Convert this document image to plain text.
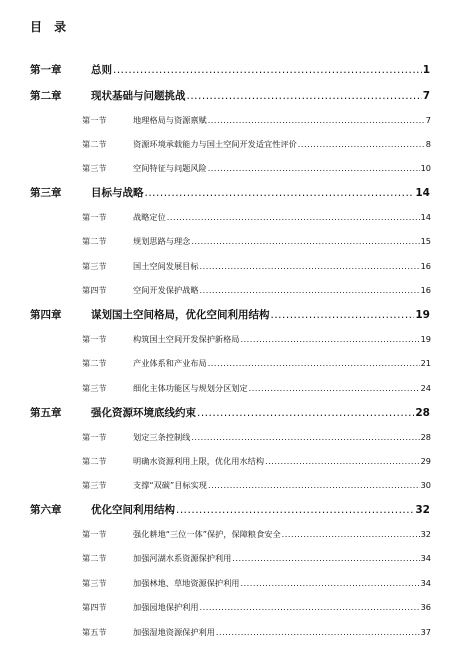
目 录
第一章	总则 .....	1
第二章	现状基础与问题挑战 .....	7
第一节	地理格局与资源禀赋 .....	7
第二节	资源环境承载能力与国土空间开发适宜性评价 .....	8
第三节	空间特征与问题风险 .....	10
第三章	目标与战略 .....	14
第一节	战略定位 .....	14
第二节	规划思路与理念 .....	15
第三节	国土空间发展目标 .....	16
第四节	空间开发保护战略 .....	16
第四章	谋划国土空间格局，优化空间利用结构 .....	19
第一节	构筑国土空间开发保护新格局 .....	19
第二节	产业体系和产业布局 .....	21
第三节	细化主体功能区与规划分区划定 .....	24
第五章	强化资源环境底线约束 .....	28
第一节	划定三条控制线 .....	28
第二节	明确水资源利用上限，优化用水结构 .....	29
第三节	支撑“双碳”目标实现 .....	30
第六章	优化空间利用结构 .....	32
第一节	强化耕地“三位一体”保护，保障粮食安全 .....	32
第二节	加强河湖水系资源保护利用 .....	34
第三节	加强林地、草地资源保护利用 .....	34
第四节	加强园地保护利用 .....	36
第五节	加强湿地资源保护利用 .....	37
